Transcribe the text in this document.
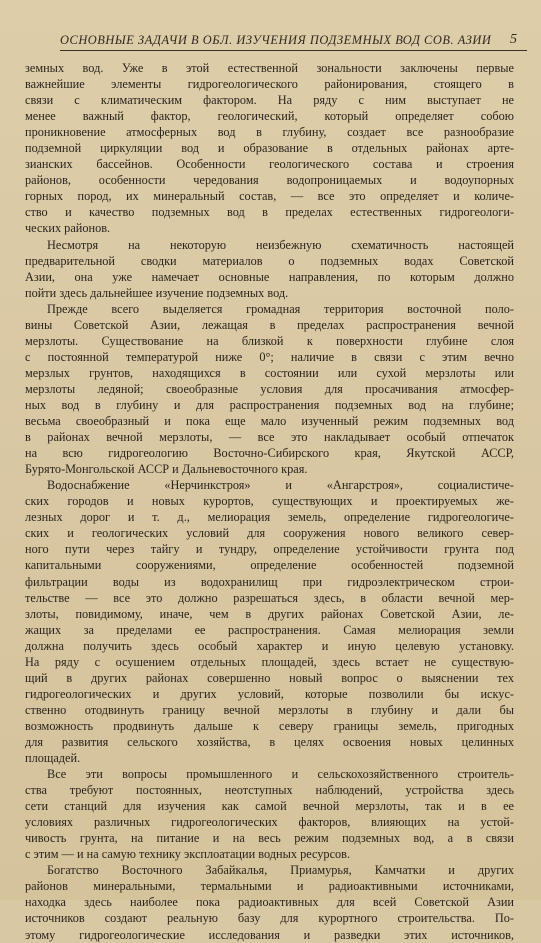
ОСНОВНЫЕ ЗАДАЧИ В ОБЛ. ИЗУЧЕНИЯ ПОДЗЕМНЫХ ВОД СОВ. АЗИИ 5
земных вод. Уже в этой естественной зональности заключены первые
важнейшие элементы гидрогеологического районирования, стоящего в
связи с климатическим фактором. На ряду с ним выступает не
менее важный фактор, геологический, который определяет собою
проникновение атмосферных вод в глубину, создает все разнообразие
подземной циркуляции вод и образование в отдельных районах арте-
зианских бассейнов. Особенности геологического состава и строения
районов, особенности чередования водопроницаемых и водоупорных
горных пород, их минеральный состав, — все это определяет и количе-
ство и качество подземных вод в пределах естественных гидрогеологи-
ческих районов.
Несмотря на некоторую неизбежную схематичность настоящей
предварительной сводки материалов о подземных водах Советской
Азии, она уже намечает основные направления, по которым должно
пойти здесь дальнейшее изучение подземных вод.
Прежде всего выделяется громадная территория восточной поло-
вины Советской Азии, лежащая в пределах распространения вечной
мерзлоты. Существование на близкой к поверхности глубине слоя
с постоянной температурой ниже 0°; наличие в связи с этим вечно
мерзлых грунтов, находящихся в состоянии или сухой мерзлоты или
мерзлоты ледяной; своеобразные условия для просачивания атмосфер-
ных вод в глубину и для распространения подземных вод на глубине;
весьма своеобразный и пока еще мало изученный режим подземных вод
в районах вечной мерзлоты, — все это накладывает особый отпечаток
на всю гидрогеологию Восточно-Сибирского края, Якутской АССР,
Бурято-Монгольской АССР и Дальневосточного края.
Водоснабжение «Нерчинкстроя» и «Ангарстроя», социалистиче-
ских городов и новых курортов, существующих и проектируемых же-
лезных дорог и т. д., мелиорация земель, определение гидрогеологиче-
ских и геологических условий для сооружения нового великого север-
ного пути через тайгу и тундру, определение устойчивости грунта под
капитальными сооружениями, определение особенностей подземной
фильтрации воды из водохранилищ при гидроэлектрическом строи-
тельстве — все это должно разрешаться здесь, в области вечной мер-
злоты, повидимому, иначе, чем в других районах Советской Азии, ле-
жащих за пределами ее распространения. Самая мелиорация земли
должна получить здесь особый характер и иную целевую установку.
На ряду с осушением отдельных площадей, здесь встает не существую-
щий в других районах совершенно новый вопрос о выяснении тех
гидрогеологических и других условий, которые позволили бы искус-
ственно отодвинуть границу вечной мерзлоты в глубину и дали бы
возможность продвинуть дальше к северу границы земель, пригодных
для развития сельского хозяйства, в целях освоения новых целинных
площадей.
Все эти вопросы промышленного и сельскохозяйственного строитель-
ства требуют постоянных, неотступных наблюдений, устройства здесь
сети станций для изучения как самой вечной мерзлоты, так и в ее
условиях различных гидрогеологических факторов, влияющих на устой-
чивость грунта, на питание и на весь режим подземных вод, а в связи
с этим — и на самую технику эксплоатации водных ресурсов.
Богатство Восточного Забайкалья, Приамурья, Камчатки и других
районов минеральными, термальными и радиоактивными источниками,
находка здесь наиболее пока радиоактивных для всей Советской Азии
источников создают реальную базу для курортного строительства. По-
этому гидрогеологические исследования и разведки этих источников,
